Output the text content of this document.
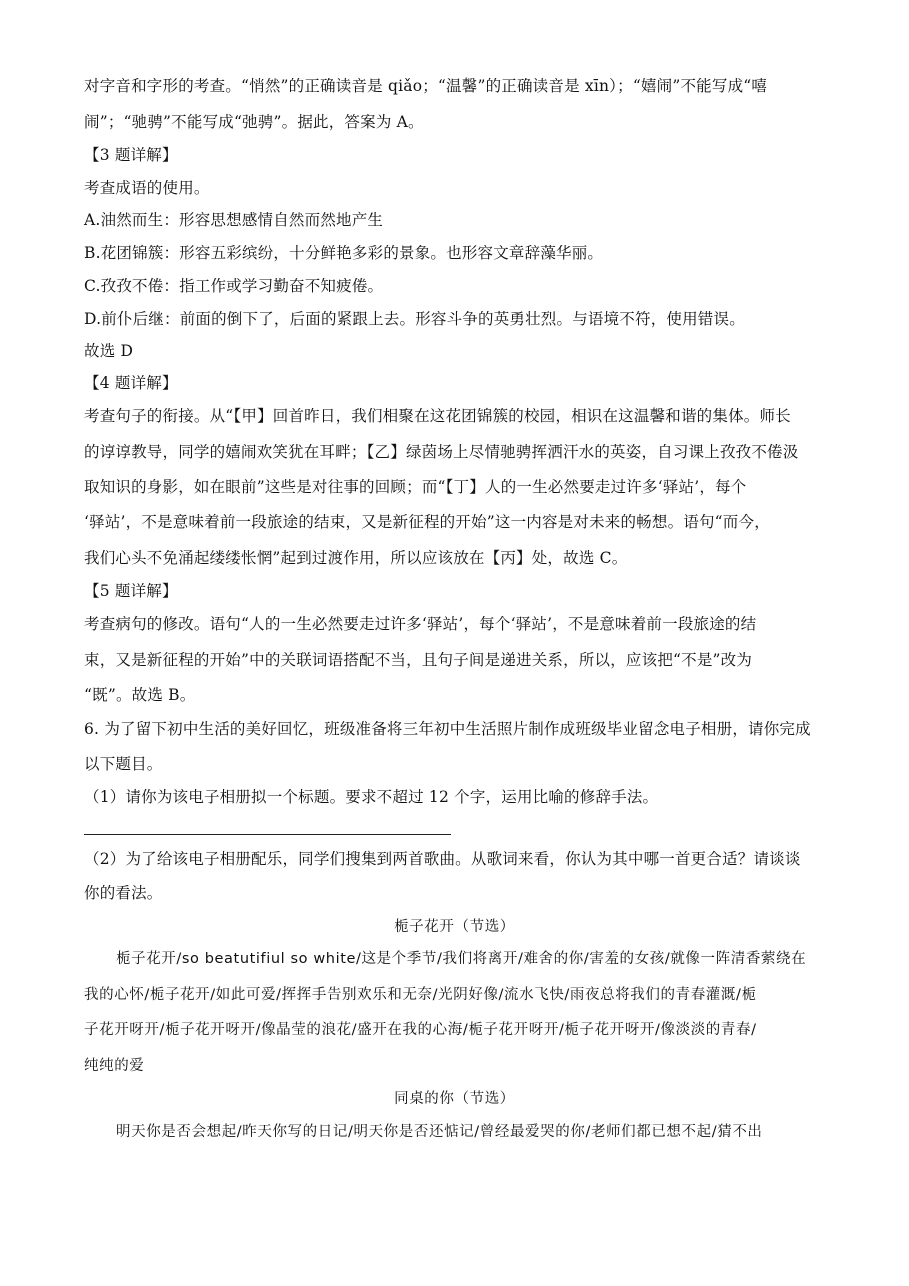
对字音和字形的考查。“悄然”的正确读音是 qiǎo；“温馨”的正确读音是 xīn）；“嬉闹”不能写成“嘻
闹”；“驰骋”不能写成“弛骋”。据此，答案为 A。
【3 题详解】
考查成语的使用。
A.油然而生：形容思想感情自然而然地产生
B.花团锦簇：形容五彩缤纷，十分鲜艳多彩的景象。也形容文章辞藻华丽。
C.孜孜不倦：指工作或学习勤奋不知疲倦。
D.前仆后继：前面的倒下了，后面的紧跟上去。形容斗争的英勇壮烈。与语境不符，使用错误。
故选 D
【4 题详解】
考查句子的衔接。从“【甲】回首昨日，我们相聚在这花团锦簇的校园，相识在这温馨和谐的集体。师长
的谆谆教导，同学的嬉闹欢笑犹在耳畔；【乙】绿茵场上尽情驰骋挥洒汗水的英姿，自习课上孜孜不倦汲
取知识的身影，如在眼前”这些是对往事的回顾；而“【丁】人的一生必然要走过许多‘驿站’，每个
‘驿站’，不是意味着前一段旅途的结束，又是新征程的开始”这一内容是对未来的畅想。语句“而今，
我们心头不免涌起缕缕怅惘”起到过渡作用，所以应该放在【丙】处，故选 C。
【5 题详解】
考查病句的修改。语句“人的一生必然要走过许多‘驿站’，每个‘驿站’，不是意味着前一段旅途的结
束，又是新征程的开始”中的关联词语搭配不当，且句子间是递进关系，所以，应该把“不是”改为
“既”。故选 B。
6. 为了留下初中生活的美好回忆，班级准备将三年初中生活照片制作成班级毕业留念电子相册，请你完成
以下题目。
（1）请你为该电子相册拟一个标题。要求不超过 12 个字，运用比喻的修辞手法。
（2）为了给该电子相册配乐，同学们搜集到两首歌曲。从歌词来看，你认为其中哪一首更合适？请谈谈
你的看法。
栀子花开（节选）
栀子花开/so beatutifiul so white/这是个季节/我们将离开/难舍的你/害羞的女孩/就像一阵清香萦绕在
我的心怀/栀子花开/如此可爱/挥挥手告别欢乐和无奈/光阴好像/流水飞快/雨夜总将我们的青春灌溉/栀
子花开呀开/栀子花开呀开/像晶莹的浪花/盛开在我的心海/栀子花开呀开/栀子花开呀开/像淡淡的青春/
纯纯的爱
同桌的你（节选）
明天你是否会想起/昨天你写的日记/明天你是否还惦记/曾经最爱哭的你/老师们都已想不起/猜不出
